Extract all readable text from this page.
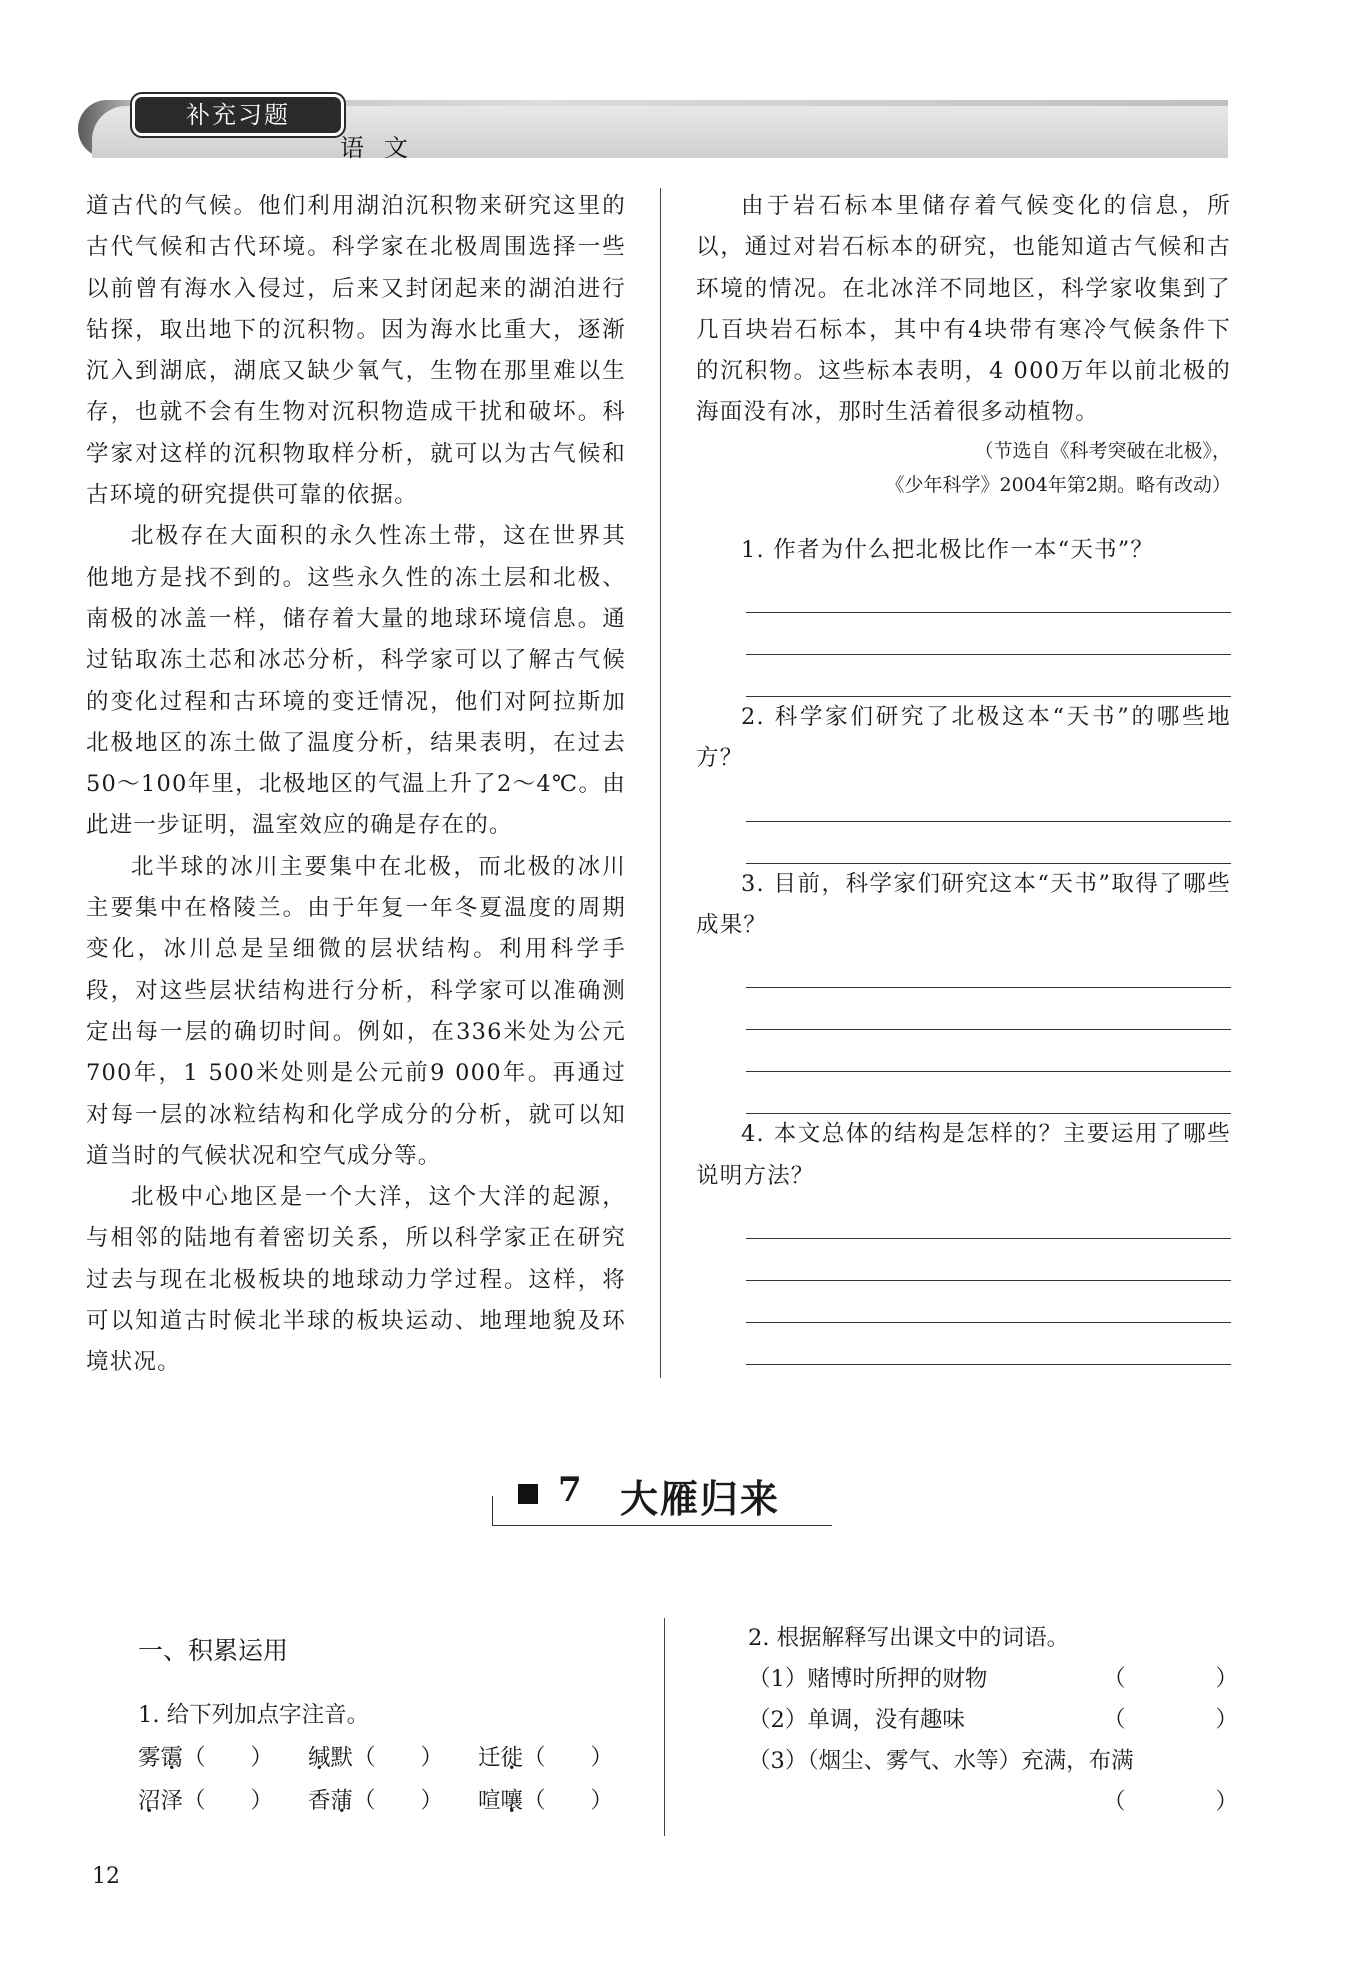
补充习题
语文

道古代的气候。他们利用湖泊沉积物来研究这里的古代气候和古代环境。科学家在北极周围选择一些以前曾有海水入侵过，后来又封闭起来的湖泊进行钻探，取出地下的沉积物。因为海水比重大，逐渐沉入到湖底，湖底又缺少氧气，生物在那里难以生存，也就不会有生物对沉积物造成干扰和破坏。科学家对这样的沉积物取样分析，就可以为古气候和古环境的研究提供可靠的依据。

北极存在大面积的永久性冻土带，这在世界其他地方是找不到的。这些永久性的冻土层和北极、南极的冰盖一样，储存着大量的地球环境信息。通过钻取冻土芯和冰芯分析，科学家可以了解古气候的变化过程和古环境的变迁情况，他们对阿拉斯加北极地区的冻土做了温度分析，结果表明，在过去50～100年里，北极地区的气温上升了2～4℃。由此进一步证明，温室效应的确是存在的。

北半球的冰川主要集中在北极，而北极的冰川主要集中在格陵兰。由于年复一年冬夏温度的周期变化，冰川总是呈细微的层状结构。利用科学手段，对这些层状结构进行分析，科学家可以准确测定出每一层的确切时间。例如，在336米处为公元700年，1 500米处则是公元前9 000年。再通过对每一层的冰粒结构和化学成分的分析，就可以知道当时的气候状况和空气成分等。

北极中心地区是一个大洋，这个大洋的起源，与相邻的陆地有着密切关系，所以科学家正在研究过去与现在北极板块的地球动力学过程。这样，将可以知道古时候北半球的板块运动、地理地貌及环境状况。

由于岩石标本里储存着气候变化的信息，所以，通过对岩石标本的研究，也能知道古气候和古环境的情况。在北冰洋不同地区，科学家收集到了几百块岩石标本，其中有4块带有寒冷气候条件下的沉积物。这些标本表明，4 000万年以前北极的海面没有冰，那时生活着很多动植物。

（节选自《科考突破在北极》，
《少年科学》2004年第2期。略有改动）

1. 作者为什么把北极比作一本“天书”？

2. 科学家们研究了北极这本“天书”的哪些地方？

3. 目前，科学家们研究这本“天书”取得了哪些成果？

4. 本文总体的结构是怎样的？主要运用了哪些说明方法？

7 大雁归来
一、积累运用
1. 给下列加点字注音。
雾霭（　　）	缄默（　　）	迁徙（　　）
沼泽（　　）	香蒲（　　）	喧嚷（　　）
2. 根据解释写出课文中的词语。
（1）赌博时所押的财物	（　　　　）
（2）单调，没有趣味	（　　　　）
（3）（烟尘、雾气、水等）充满，布满

（　　　　）
12
